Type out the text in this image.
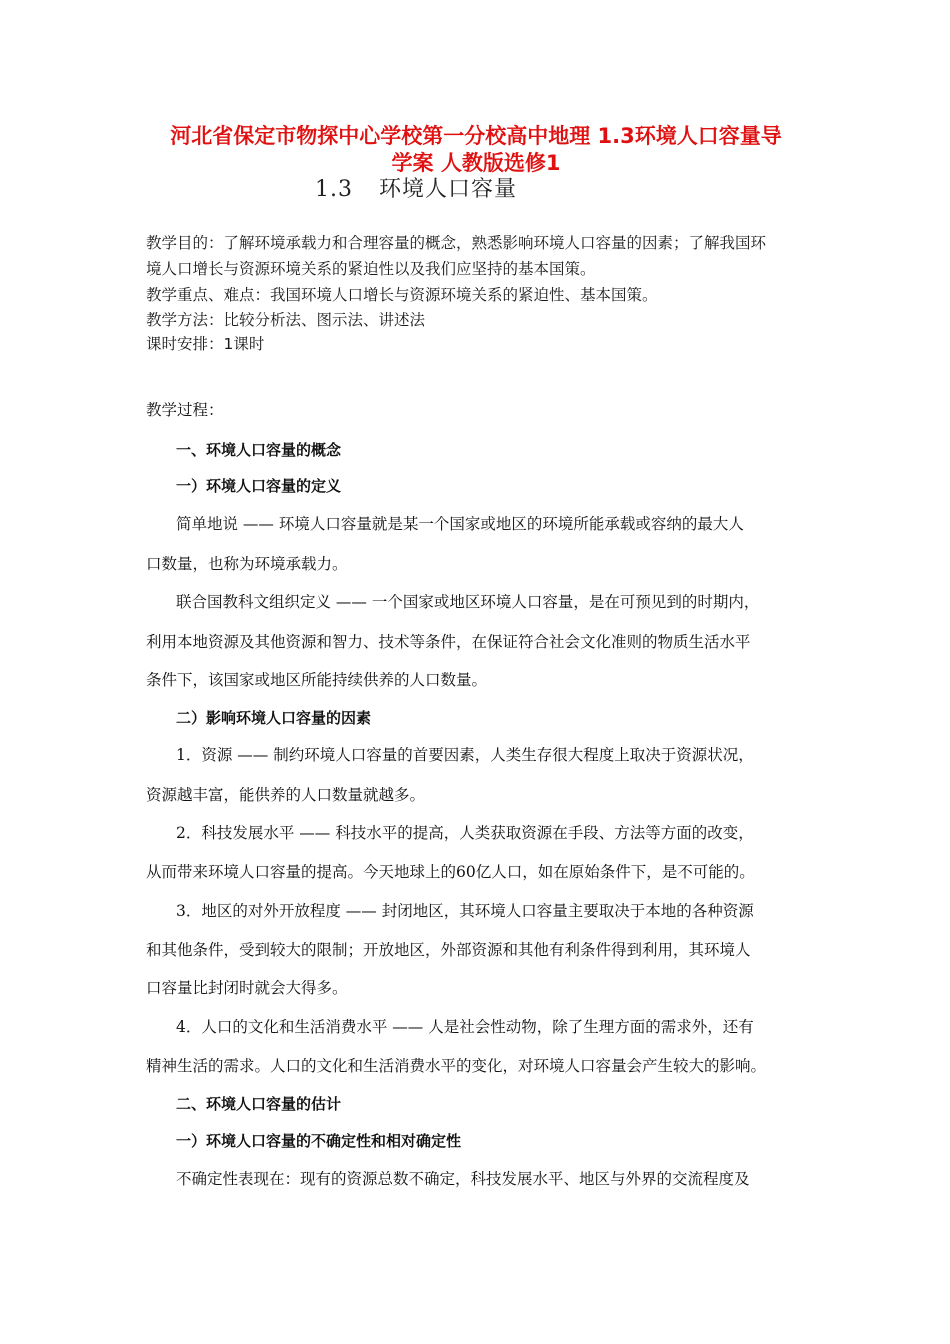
河北省保定市物探中心学校第一分校高中地理 1.3环境人口容量导
学案 人教版选修1
1.3 环境人口容量
教学目的：了解环境承载力和合理容量的概念，熟悉影响环境人口容量的因素；了解我国环
境人口增长与资源环境关系的紧迫性以及我们应坚持的基本国策。
教学重点、难点：我国环境人口增长与资源环境关系的紧迫性、基本国策。
教学方法：比较分析法、图示法、讲述法
课时安排：1课时
教学过程：
一、环境人口容量的概念
一）环境人口容量的定义
简单地说 —— 环境人口容量就是某一个国家或地区的环境所能承载或容纳的最大人
口数量，也称为环境承载力。
联合国教科文组织定义 —— 一个国家或地区环境人口容量，是在可预见到的时期内，
利用本地资源及其他资源和智力、技术等条件，在保证符合社会文化准则的物质生活水平
条件下，该国家或地区所能持续供养的人口数量。
二）影响环境人口容量的因素
1．资源 —— 制约环境人口容量的首要因素，人类生存很大程度上取决于资源状况，
资源越丰富，能供养的人口数量就越多。
2．科技发展水平 —— 科技水平的提高，人类获取资源在手段、方法等方面的改变，
从而带来环境人口容量的提高。今天地球上的60亿人口，如在原始条件下，是不可能的。
3．地区的对外开放程度 —— 封闭地区，其环境人口容量主要取决于本地的各种资源
和其他条件，受到较大的限制；开放地区，外部资源和其他有利条件得到利用，其环境人
口容量比封闭时就会大得多。
4．人口的文化和生活消费水平 —— 人是社会性动物，除了生理方面的需求外，还有
精神生活的需求。人口的文化和生活消费水平的变化，对环境人口容量会产生较大的影响。
二、环境人口容量的估计
一）环境人口容量的不确定性和相对确定性
不确定性表现在：现有的资源总数不确定，科技发展水平、地区与外界的交流程度及
